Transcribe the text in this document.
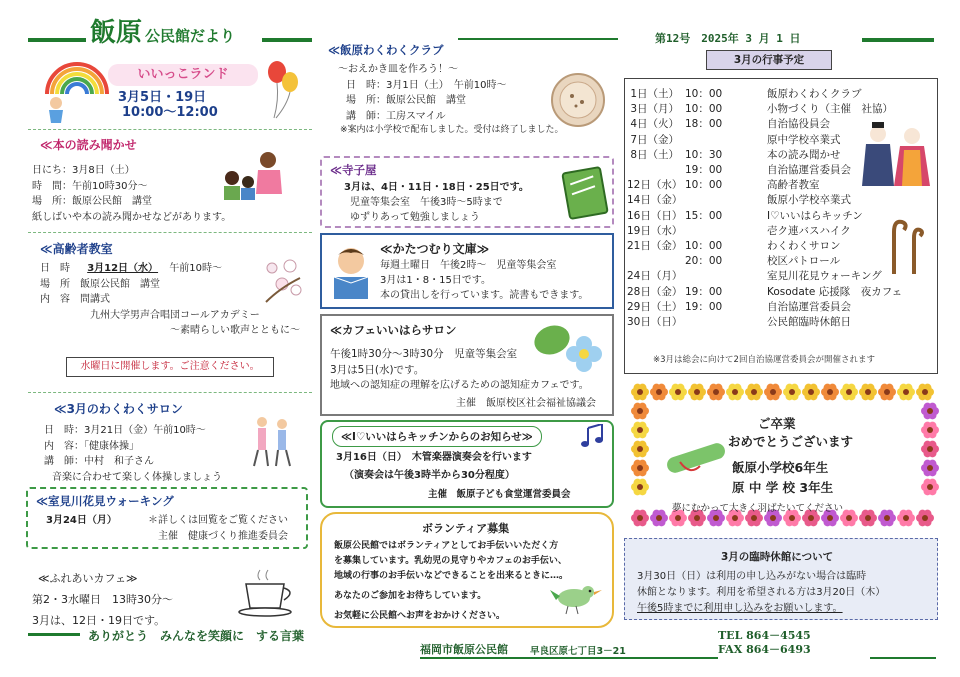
飯原 公民館だより	第12号　2025年 3 月 1 日
いいっこランド
3月5日・19日
10:00～12:00
≪本の読み聞かせ
日にち：3月8日（土）
時　間：午前10時30分～
場　所：飯原公民館　講堂
紙しばいや本の読み聞かせなどがあります。
≪高齢者教室
日　時 3月12日（水） 午前10時～
場　所　飯原公民館　講堂
内　容　問講式
九州大学男声合唱団コールアカデミー
～素晴らしい歌声とともに～
水曜日に開催します。ご注意ください。
≪3月のわくわくサロン
日　時：3月21日（金）午前10時～
内　容：「健康体操」
講　師：中村　和子さん
音楽に合わせて楽しく体操しましょう
≪室見川花見ウォーキング
3月24日（月）	＊詳しくは回覧をご覧ください
主催　健康づくり推進委員会
≪ふれあいカフェ≫
第2・3水曜日　13時30分～
3月は、12日・19日です。
≪飯原わくわくクラブ
～おえかき皿を作ろう！～
日　時：3月1日（土）　午前10時～
場　所：飯原公民館　講堂
講　師：工房スマイル
※案内は小学校で配布しました。受付は終了しました。
≪寺子屋
3月は、4日・11日・18日・25日です。
児童等集会室　午後3時～5時まで
ゆずりあって勉強しましょう
≪かたつむり文庫≫
毎週土曜日　午後2時～　児童等集会室
3月は1・8・15日です。
本の貸出しを行っています。読書もできます。
≪カフェいいはらサロン
午後1時30分～3時30分　児童等集会室
3月は5日(水)です。
地域への認知症の理解を広げるための認知症カフェです。
主催　飯原校区社会福祉協議会
≪I♡いいはらキッチンからのお知らせ≫
3月16日（日）　木管楽器演奏会を行います
（演奏会は午後3時半から30分程度）
主催　飯原子ども食堂運営委員会
ボランティア募集
飯原公民館ではボランティアとしてお手伝いいただく方
を募集しています。乳幼児の見守りやカフェのお手伝い、
地域の行事のお手伝いなどできることを出来るときに…。
あなたのご参加をお待ちしています。
お気軽に公民館へお声をおかけください。
3月の行事予定
1日（土） 10：00	飯原わくわくクラブ
3日（月） 10：00	小物づくり（主催　社協）
4日（火） 18：00	自治協役員会
7日（金）	原中学校卒業式
8日（土） 10：30	本の読み聞かせ
19：00	自治協運営委員会
12日（水） 10：00	高齢者教室
14日（金）	飯原小学校卒業式
16日（日） 15：00	I♡いいはらキッチン
19日（水）	壱ク連バスハイク
21日（金） 10：00	わくわくサロン
20：00	校区パトロール
24日（月）	室見川花見ウォーキング
28日（金） 19：00	Kosodate 応援隊　夜カフェ
29日（土） 19：00	自治協運営委員会
30日（日）	公民館臨時休館日
※3月は総会に向けて2回自治協運営委員会が開催されます
ご卒業
おめでとうございます
飯原小学校6年生
原 中 学 校 3年生
夢にむかって大きく羽ばたいてください
3月の臨時休館について
3月30日（日）は利用の申し込みがない場合は臨時
休館となります。利用を希望される方は3月20日（木）
午後5時までに利用申し込みをお願いします。
ありがとう　みんなを笑顔に　する言葉
福岡市飯原公民館 早良区原七丁目3－21
TEL 864－4545
FAX 864－6493
